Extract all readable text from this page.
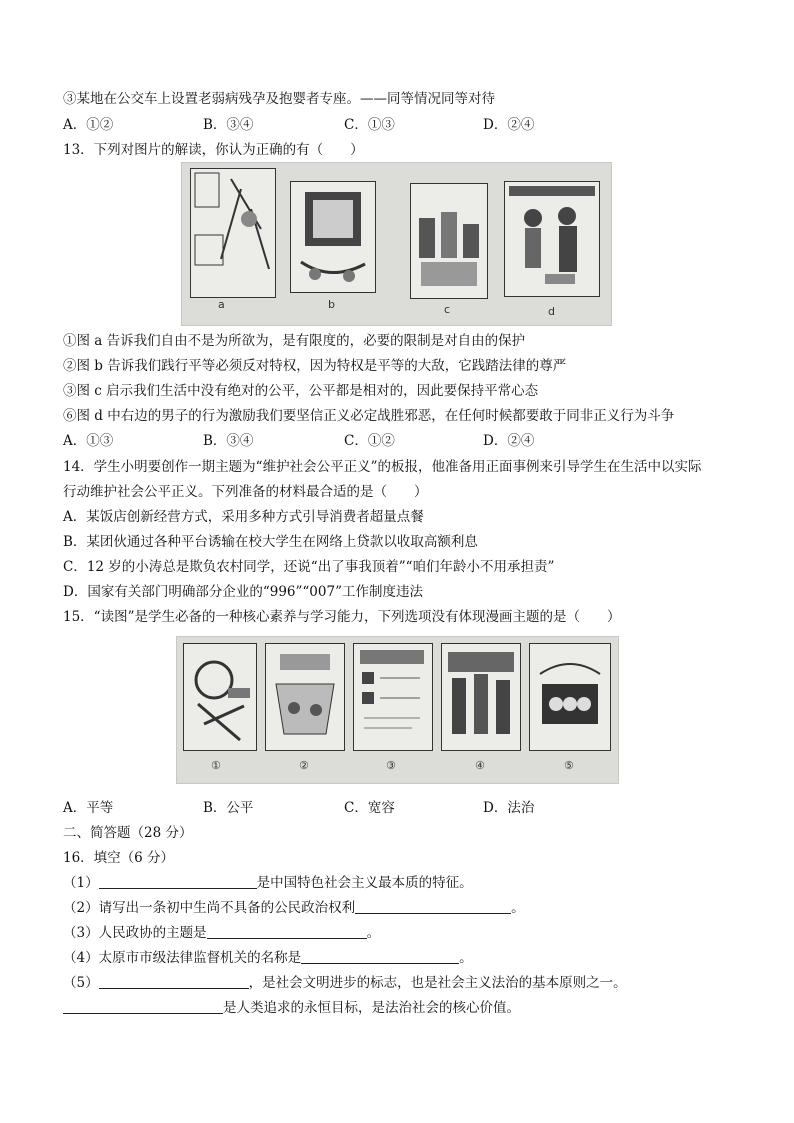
③某地在公交车上设置老弱病残孕及抱婴者专座。——同等情况同等对待
A．①②	B．③④	C．①③	D．②④
13．下列对图片的解读，你认为正确的有（　　）
a	b	c	d
①图 a 告诉我们自由不是为所欲为，是有限度的，必要的限制是对自由的保护
②图 b 告诉我们践行平等必须反对特权，因为特权是平等的大敌，它践踏法律的尊严
③图 c 启示我们生活中没有绝对的公平，公平都是相对的，因此要保持平常心态
⑥图 d 中右边的男子的行为激励我们要坚信正义必定战胜邪恶，在任何时候都要敢于同非正义行为斗争
A．①③	B．③④	C．①②	D．②④
14．学生小明要创作一期主题为“维护社会公平正义”的板报，他准备用正面事例来引导学生在生活中以实际
行动维护社会公平正义。下列准备的材料最合适的是（　　）
A．某饭店创新经营方式，采用多种方式引导消费者超量点餐
B．某团伙通过各种平台诱输在校大学生在网络上贷款以收取高额利息
C．12 岁的小涛总是欺负农村同学，还说“出了事我顶着”“咱们年龄小不用承担责”
D．国家有关部门明确部分企业的“996”“007”工作制度违法
15．“读图”是学生必备的一种核心素养与学习能力，下列选项没有体现漫画主题的是（　　）
①	②	③	④	⑤
A．平等	B．公平	C．宽容	D．法治
二、简答题（28 分）
16．填空（6 分）
（1）	是中国特色社会主义最本质的特征。
（2）请写出一条初中生尚不具备的公民政治权利	。
（3）人民政协的主题是	。
（4）太原市市级法律监督机关的名称是	。
（5）	，是社会文明进步的标志，也是社会主义法治的基本原则之一。
是人类追求的永恒目标，是法治社会的核心价值。
